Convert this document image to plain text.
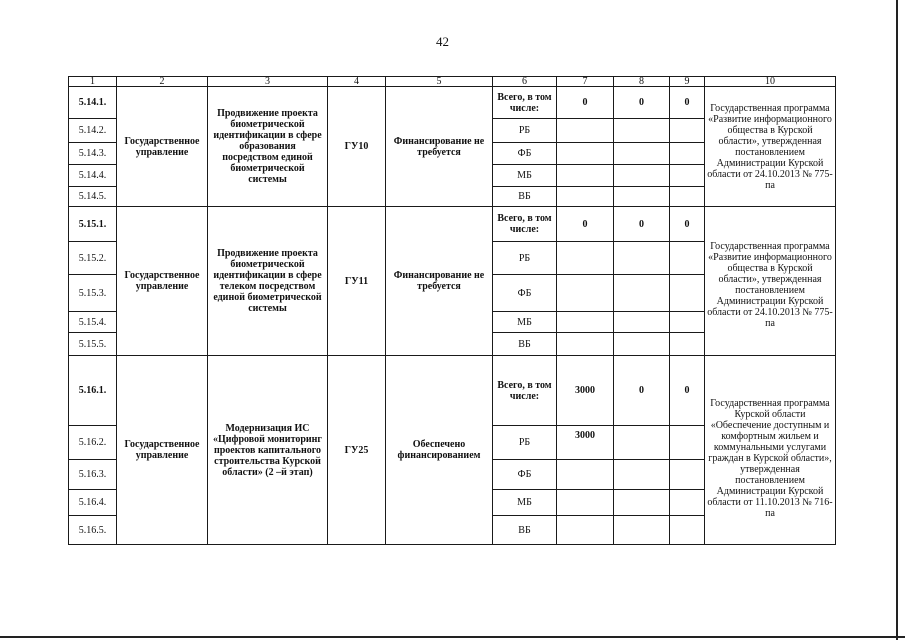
42
1	2	3	4	5	6	7	8	9	10
5.14.1.	Государственное управление	Продвижение проекта биометрической идентификации в сфере образования посредством единой биометрической системы	ГУ10	Финансирование не требуется	Всего, в том числе:	0	0	0	Государственная программа «Развитие информационного общества в Курской области», утвержденная постановлением Администрации Курской области от 24.10.2013 № 775-па
5.14.2.					РБ				
5.14.3.					ФБ				
5.14.4.					МБ				
5.14.5.					ВБ				
5.15.1.	Государственное управление	Продвижение проекта биометрической идентификации в сфере телеком посредством единой биометрической системы	ГУ11	Финансирование не требуется	Всего, в том числе:	0	0	0	Государственная программа «Развитие информационного общества в Курской области», утвержденная постановлением Администрации Курской области от 24.10.2013 № 775-па
5.15.2.					РБ				
5.15.3.					ФБ				
5.15.4.					МБ				
5.15.5.					ВБ				
5.16.1.	Государственное управление	Модернизация ИС «Цифровой мониторинг проектов капитального строительства Курской области» (2 –й этап)	ГУ25	Обеспечено финансированием	Всего, в том числе:	3000	0	0	Государственная программа Курской области «Обеспечение доступным и комфортным жильем и коммунальными услугами граждан в Курской области», утвержденная постановлением Администрации Курской области от 11.10.2013 № 716-па
5.16.2.					РБ	3000			
5.16.3.					ФБ				
5.16.4.					МБ				
5.16.5.					ВБ				
